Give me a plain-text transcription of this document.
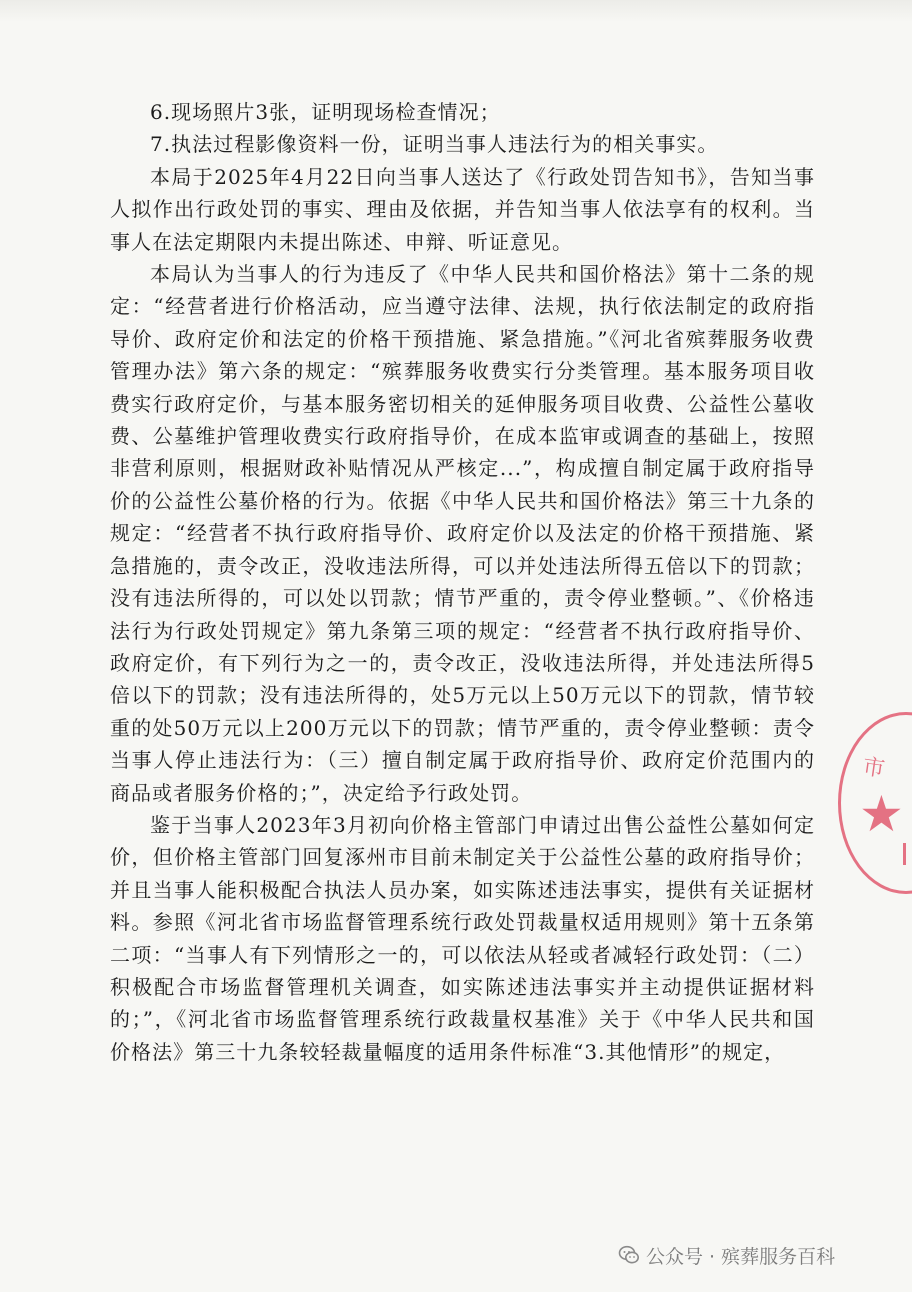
6.现场照片3张，证明现场检查情况；

7.执法过程影像资料一份，证明当事人违法行为的相关事实。

本局于2025年4月22日向当事人送达了《行政处罚告知书》，告知当事人拟作出行政处罚的事实、理由及依据，并告知当事人依法享有的权利。当事人在法定期限内未提出陈述、申辩、听证意见。

本局认为当事人的行为违反了《中华人民共和国价格法》第十二条的规定：“经营者进行价格活动，应当遵守法律、法规，执行依法制定的政府指导价、政府定价和法定的价格干预措施、紧急措施。”《河北省殡葬服务收费管理办法》第六条的规定：“殡葬服务收费实行分类管理。基本服务项目收费实行政府定价，与基本服务密切相关的延伸服务项目收费、公益性公墓收费、公墓维护管理收费实行政府指导价，在成本监审或调查的基础上，按照非营利原则，根据财政补贴情况从严核定...”，构成擅自制定属于政府指导价的公益性公墓价格的行为。依据《中华人民共和国价格法》第三十九条的规定：“经营者不执行政府指导价、政府定价以及法定的价格干预措施、紧急措施的，责令改正，没收违法所得，可以并处违法所得五倍以下的罚款；没有违法所得的，可以处以罚款；情节严重的，责令停业整顿。”、《价格违法行为行政处罚规定》第九条第三项的规定：“经营者不执行政府指导价、政府定价，有下列行为之一的，责令改正，没收违法所得，并处违法所得5倍以下的罚款；没有违法所得的，处5万元以上50万元以下的罚款，情节较重的处50万元以上200万元以下的罚款；情节严重的，责令停业整顿：责令当事人停止违法行为：（三）擅自制定属于政府指导价、政府定价范围内的商品或者服务价格的；”，决定给予行政处罚。

鉴于当事人2023年3月初向价格主管部门申请过出售公益性公墓如何定价，但价格主管部门回复涿州市目前未制定关于公益性公墓的政府指导价；并且当事人能积极配合执法人员办案，如实陈述违法事实，提供有关证据材料。参照《河北省市场监督管理系统行政处罚裁量权适用规则》第十五条第二项：“当事人有下列情形之一的，可以依法从轻或者减轻行政处罚：（二）积极配合市场监督管理机关调查，如实陈述违法事实并主动提供证据材料的；”，《河北省市场监督管理系统行政裁量权基准》关于《中华人民共和国价格法》第三十九条较轻裁量幅度的适用条件标准“3.其他情形”的规定，

市
★
公众号 · 殡葬服务百科
